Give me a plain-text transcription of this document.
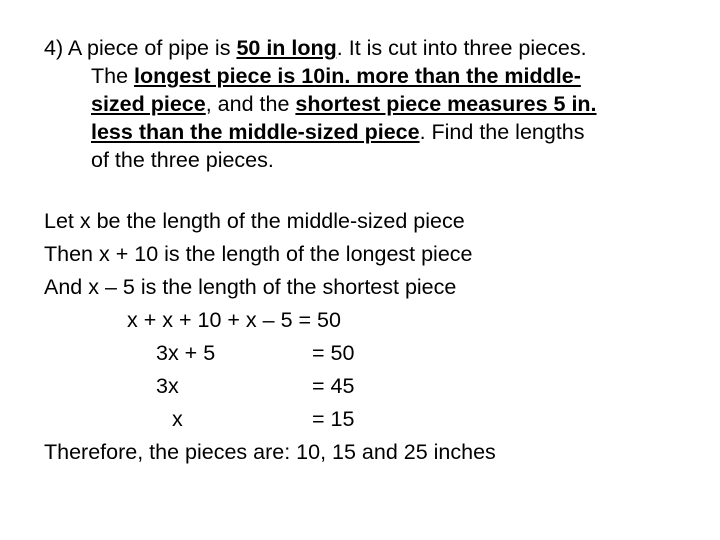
4) A piece of pipe is 50 in long. It is cut into three pieces.
The longest piece is 10in. more than the middle-
sized piece, and the shortest piece measures 5 in.
less than the middle-sized piece. Find the lengths
of the three pieces.
Let x be the length of the middle-sized piece
Then x + 10 is the length of the longest piece
And x – 5 is the length of the shortest piece
x + x + 10 + x – 5 = 50
3x + 5	= 50
3x	= 45
x	= 15
Therefore, the pieces are: 10, 15 and 25 inches
